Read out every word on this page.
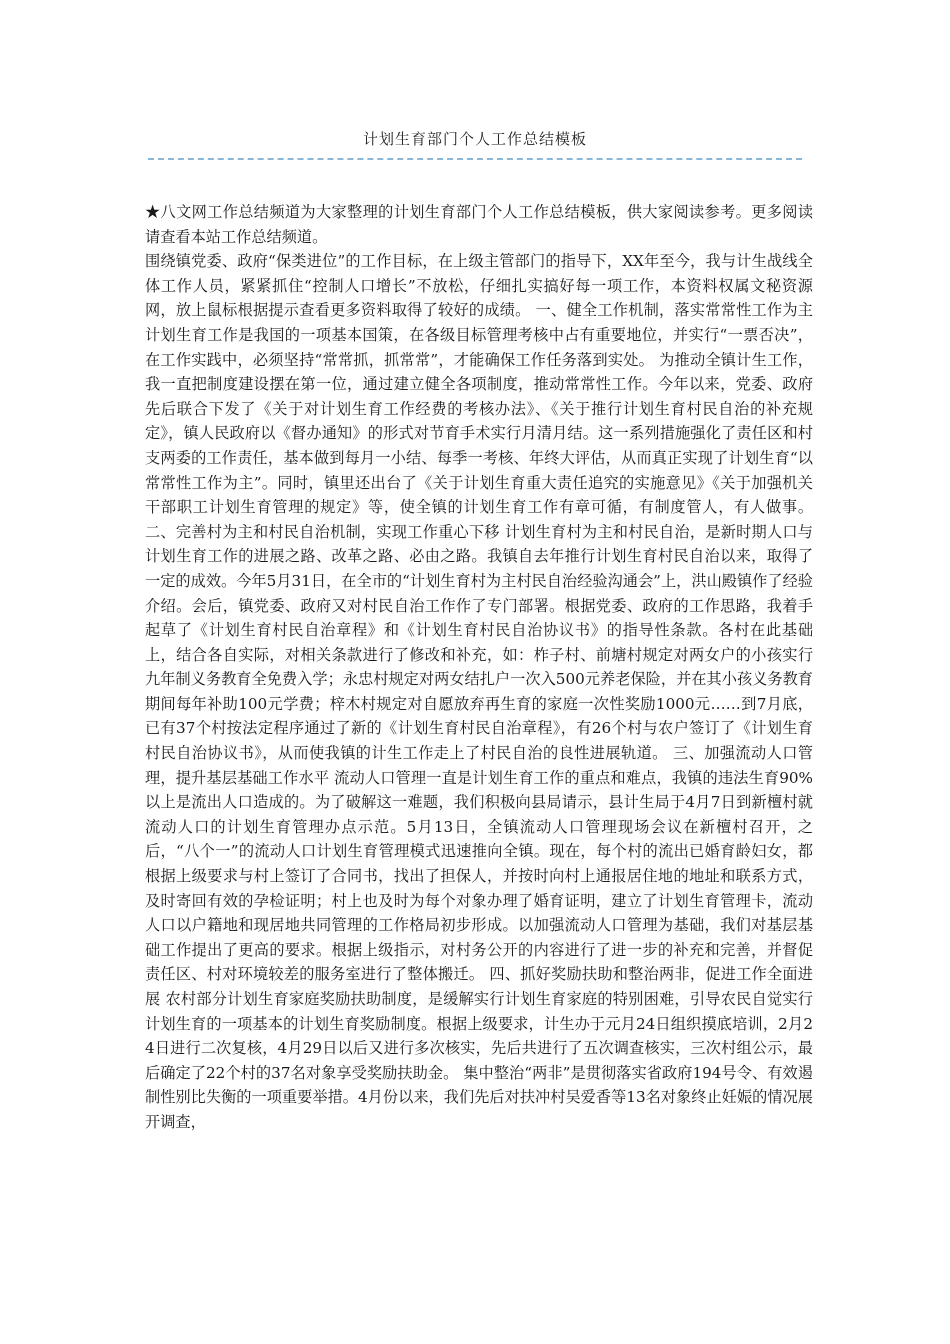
计划生育部门个人工作总结模板

★八文网工作总结频道为大家整理的计划生育部门个人工作总结模板，供大家阅读参考。更多阅读请查看本站工作总结频道。

围绕镇党委、政府“保类进位”的工作目标，在上级主管部门的指导下，XX年至今，我与计生战线全体工作人员，紧紧抓住“控制人口增长”不放松，仔细扎实搞好每一项工作，本资料权属文秘资源网，放上鼠标根据提示查看更多资料取得了较好的成绩。 一、健全工作机制，落实常常性工作为主 计划生育工作是我国的一项基本国策，在各级目标管理考核中占有重要地位，并实行“一票否决”，在工作实践中，必须坚持“常常抓，抓常常”，才能确保工作任务落到实处。 为推动全镇计生工作，我一直把制度建设摆在第一位，通过建立健全各项制度，推动常常性工作。今年以来，党委、政府先后联合下发了《关于对计划生育工作经费的考核办法》、《关于推行计划生育村民自治的补充规定》，镇人民政府以《督办通知》的形式对节育手术实行月清月结。这一系列措施强化了责任区和村支两委的工作责任，基本做到每月一小结、每季一考核、年终大评估，从而真正实现了计划生育“以常常性工作为主”。同时，镇里还出台了《关于计划生育重大责任追究的实施意见》《关于加强机关干部职工计划生育管理的规定》等，使全镇的计划生育工作有章可循，有制度管人，有人做事。 二、完善村为主和村民自治机制，实现工作重心下移 计划生育村为主和村民自治，是新时期人口与计划生育工作的进展之路、改革之路、必由之路。我镇自去年推行计划生育村民自治以来，取得了一定的成效。今年5月31日，在全市的“计划生育村为主村民自治经验沟通会”上，洪山殿镇作了经验介绍。会后，镇党委、政府又对村民自治工作作了专门部署。根据党委、政府的工作思路，我着手起草了《计划生育村民自治章程》和《计划生育村民自治协议书》的指导性条款。各村在此基础上，结合各自实际，对相关条款进行了修改和补充，如：柞子村、前塘村规定对两女户的小孩实行九年制义务教育全免费入学；永忠村规定对两女结扎户一次入500元养老保险，并在其小孩义务教育期间每年补助100元学费；梓木村规定对自愿放弃再生育的家庭一次性奖励1000元……到7月底，已有37个村按法定程序通过了新的《计划生育村民自治章程》，有26个村与农户签订了《计划生育村民自治协议书》，从而使我镇的计生工作走上了村民自治的良性进展轨道。 三、加强流动人口管理，提升基层基础工作水平 流动人口管理一直是计划生育工作的重点和难点，我镇的违法生育90%以上是流出人口造成的。为了破解这一难题，我们积极向县局请示，县计生局于4月7日到新檀村就流动人口的计划生育管理办点示范。5月13日，全镇流动人口管理现场会议在新檀村召开，之后，“八个一”的流动人口计划生育管理模式迅速推向全镇。现在，每个村的流出已婚育龄妇女，都根据上级要求与村上签订了合同书，找出了担保人，并按时向村上通报居住地的地址和联系方式，及时寄回有效的孕检证明；村上也及时为每个对象办理了婚育证明，建立了计划生育管理卡，流动人口以户籍地和现居地共同管理的工作格局初步形成。以加强流动人口管理为基础，我们对基层基础工作提出了更高的要求。根据上级指示，对村务公开的内容进行了进一步的补充和完善，并督促责任区、村对环境较差的服务室进行了整体搬迁。 四、抓好奖励扶助和整治两非，促进工作全面进展 农村部分计划生育家庭奖励扶助制度，是缓解实行计划生育家庭的特别困难，引导农民自觉实行计划生育的一项基本的计划生育奖励制度。根据上级要求，计生办于元月24日组织摸底培训，2月24日进行二次复核，4月29日以后又进行多次核实，先后共进行了五次调查核实，三次村组公示，最后确定了22个村的37名对象享受奖励扶助金。 集中整治“两非”是贯彻落实省政府194号令、有效遏制性别比失衡的一项重要举措。4月份以来，我们先后对扶冲村吴爱香等13名对象终止妊娠的情况展开调查，
